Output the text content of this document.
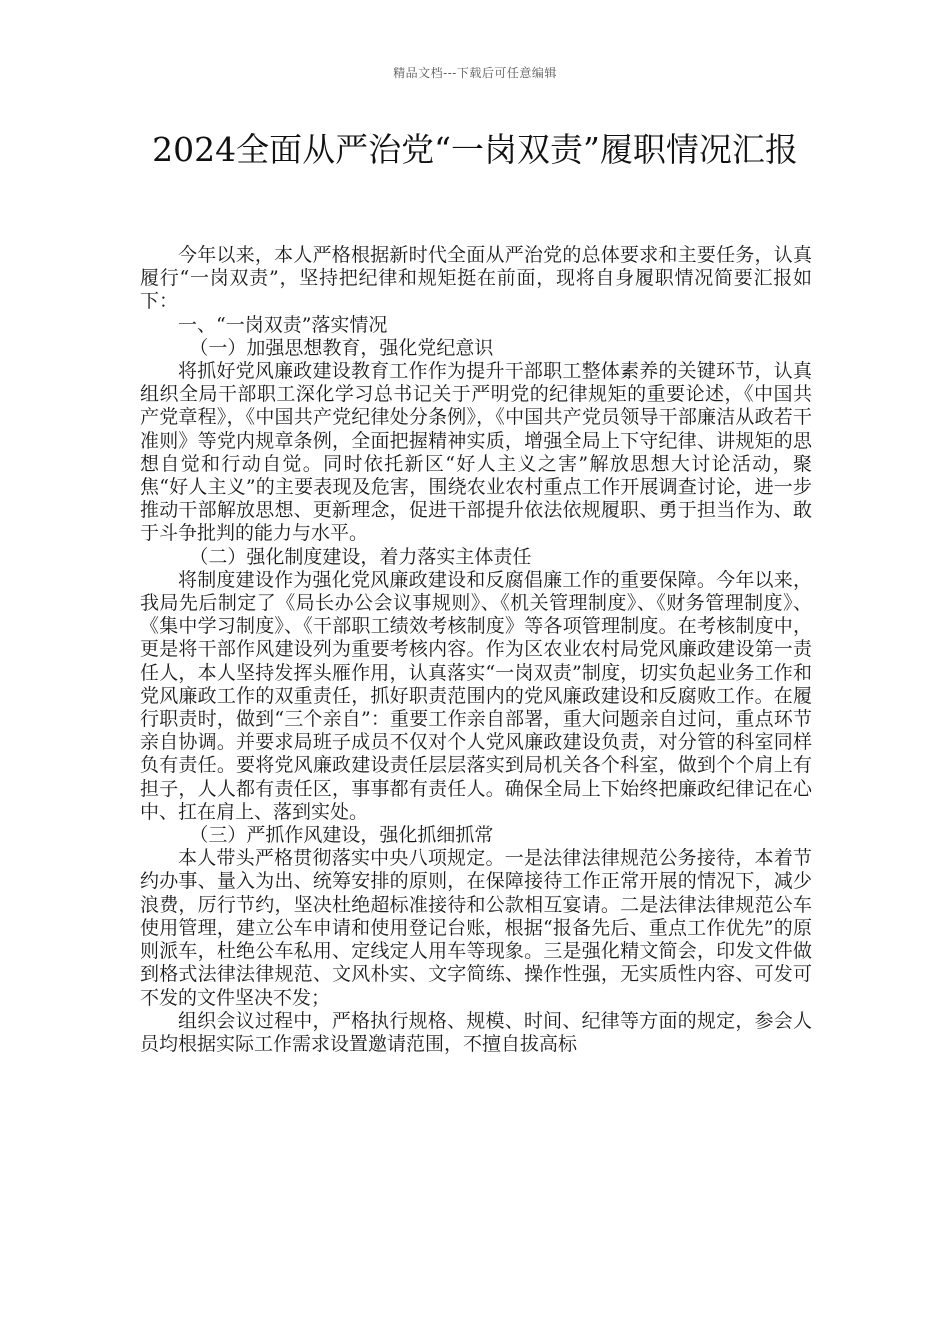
精品文档---下载后可任意编辑
2024全面从严治党“一岗双责”履职情况汇报

今年以来，本人严格根据新时代全面从严治党的总体要求和主要任务，认真履行“一岗双责”，坚持把纪律和规矩挺在前面，现将自身履职情况简要汇报如下：

一、“一岗双责”落实情况

（一）加强思想教育，强化党纪意识

将抓好党风廉政建设教育工作作为提升干部职工整体素养的关键环节，认真组织全局干部职工深化学习总书记关于严明党的纪律规矩的重要论述，《中国共产党章程》，《中国共产党纪律处分条例》，《中国共产党员领导干部廉洁从政若干准则》等党内规章条例，全面把握精神实质，增强全局上下守纪律、讲规矩的思想自觉和行动自觉。同时依托新区“好人主义之害”解放思想大讨论活动，聚焦“好人主义”的主要表现及危害，围绕农业农村重点工作开展调查讨论，进一步推动干部解放思想、更新理念，促进干部提升依法依规履职、勇于担当作为、敢于斗争批判的能力与水平。

（二）强化制度建设，着力落实主体责任

将制度建设作为强化党风廉政建设和反腐倡廉工作的重要保障。今年以来，我局先后制定了《局长办公会议事规则》、《机关管理制度》、《财务管理制度》、《集中学习制度》、《干部职工绩效考核制度》等各项管理制度。在考核制度中，更是将干部作风建设列为重要考核内容。作为区农业农村局党风廉政建设第一责任人，本人坚持发挥头雁作用，认真落实“一岗双责”制度，切实负起业务工作和党风廉政工作的双重责任，抓好职责范围内的党风廉政建设和反腐败工作。在履行职责时，做到“三个亲自”：重要工作亲自部署，重大问题亲自过问，重点环节亲自协调。并要求局班子成员不仅对个人党风廉政建设负责，对分管的科室同样负有责任。要将党风廉政建设责任层层落实到局机关各个科室，做到个个肩上有担子，人人都有责任区，事事都有责任人。确保全局上下始终把廉政纪律记在心中、扛在肩上、落到实处。

（三）严抓作风建设，强化抓细抓常

本人带头严格贯彻落实中央八项规定。一是法律法律规范公务接待，本着节约办事、量入为出、统筹安排的原则，在保障接待工作正常开展的情况下，减少浪费，厉行节约，坚决杜绝超标准接待和公款相互宴请。二是法律法律规范公车使用管理，建立公车申请和使用登记台账，根据“报备先后、重点工作优先”的原则派车，杜绝公车私用、定线定人用车等现象。三是强化精文简会，印发文件做到格式法律法律规范、文风朴实、文字简练、操作性强，无实质性内容、可发可不发的文件坚决不发；

组织会议过程中，严格执行规格、规模、时间、纪律等方面的规定，参会人员均根据实际工作需求设置邀请范围，不擅自拔高标
